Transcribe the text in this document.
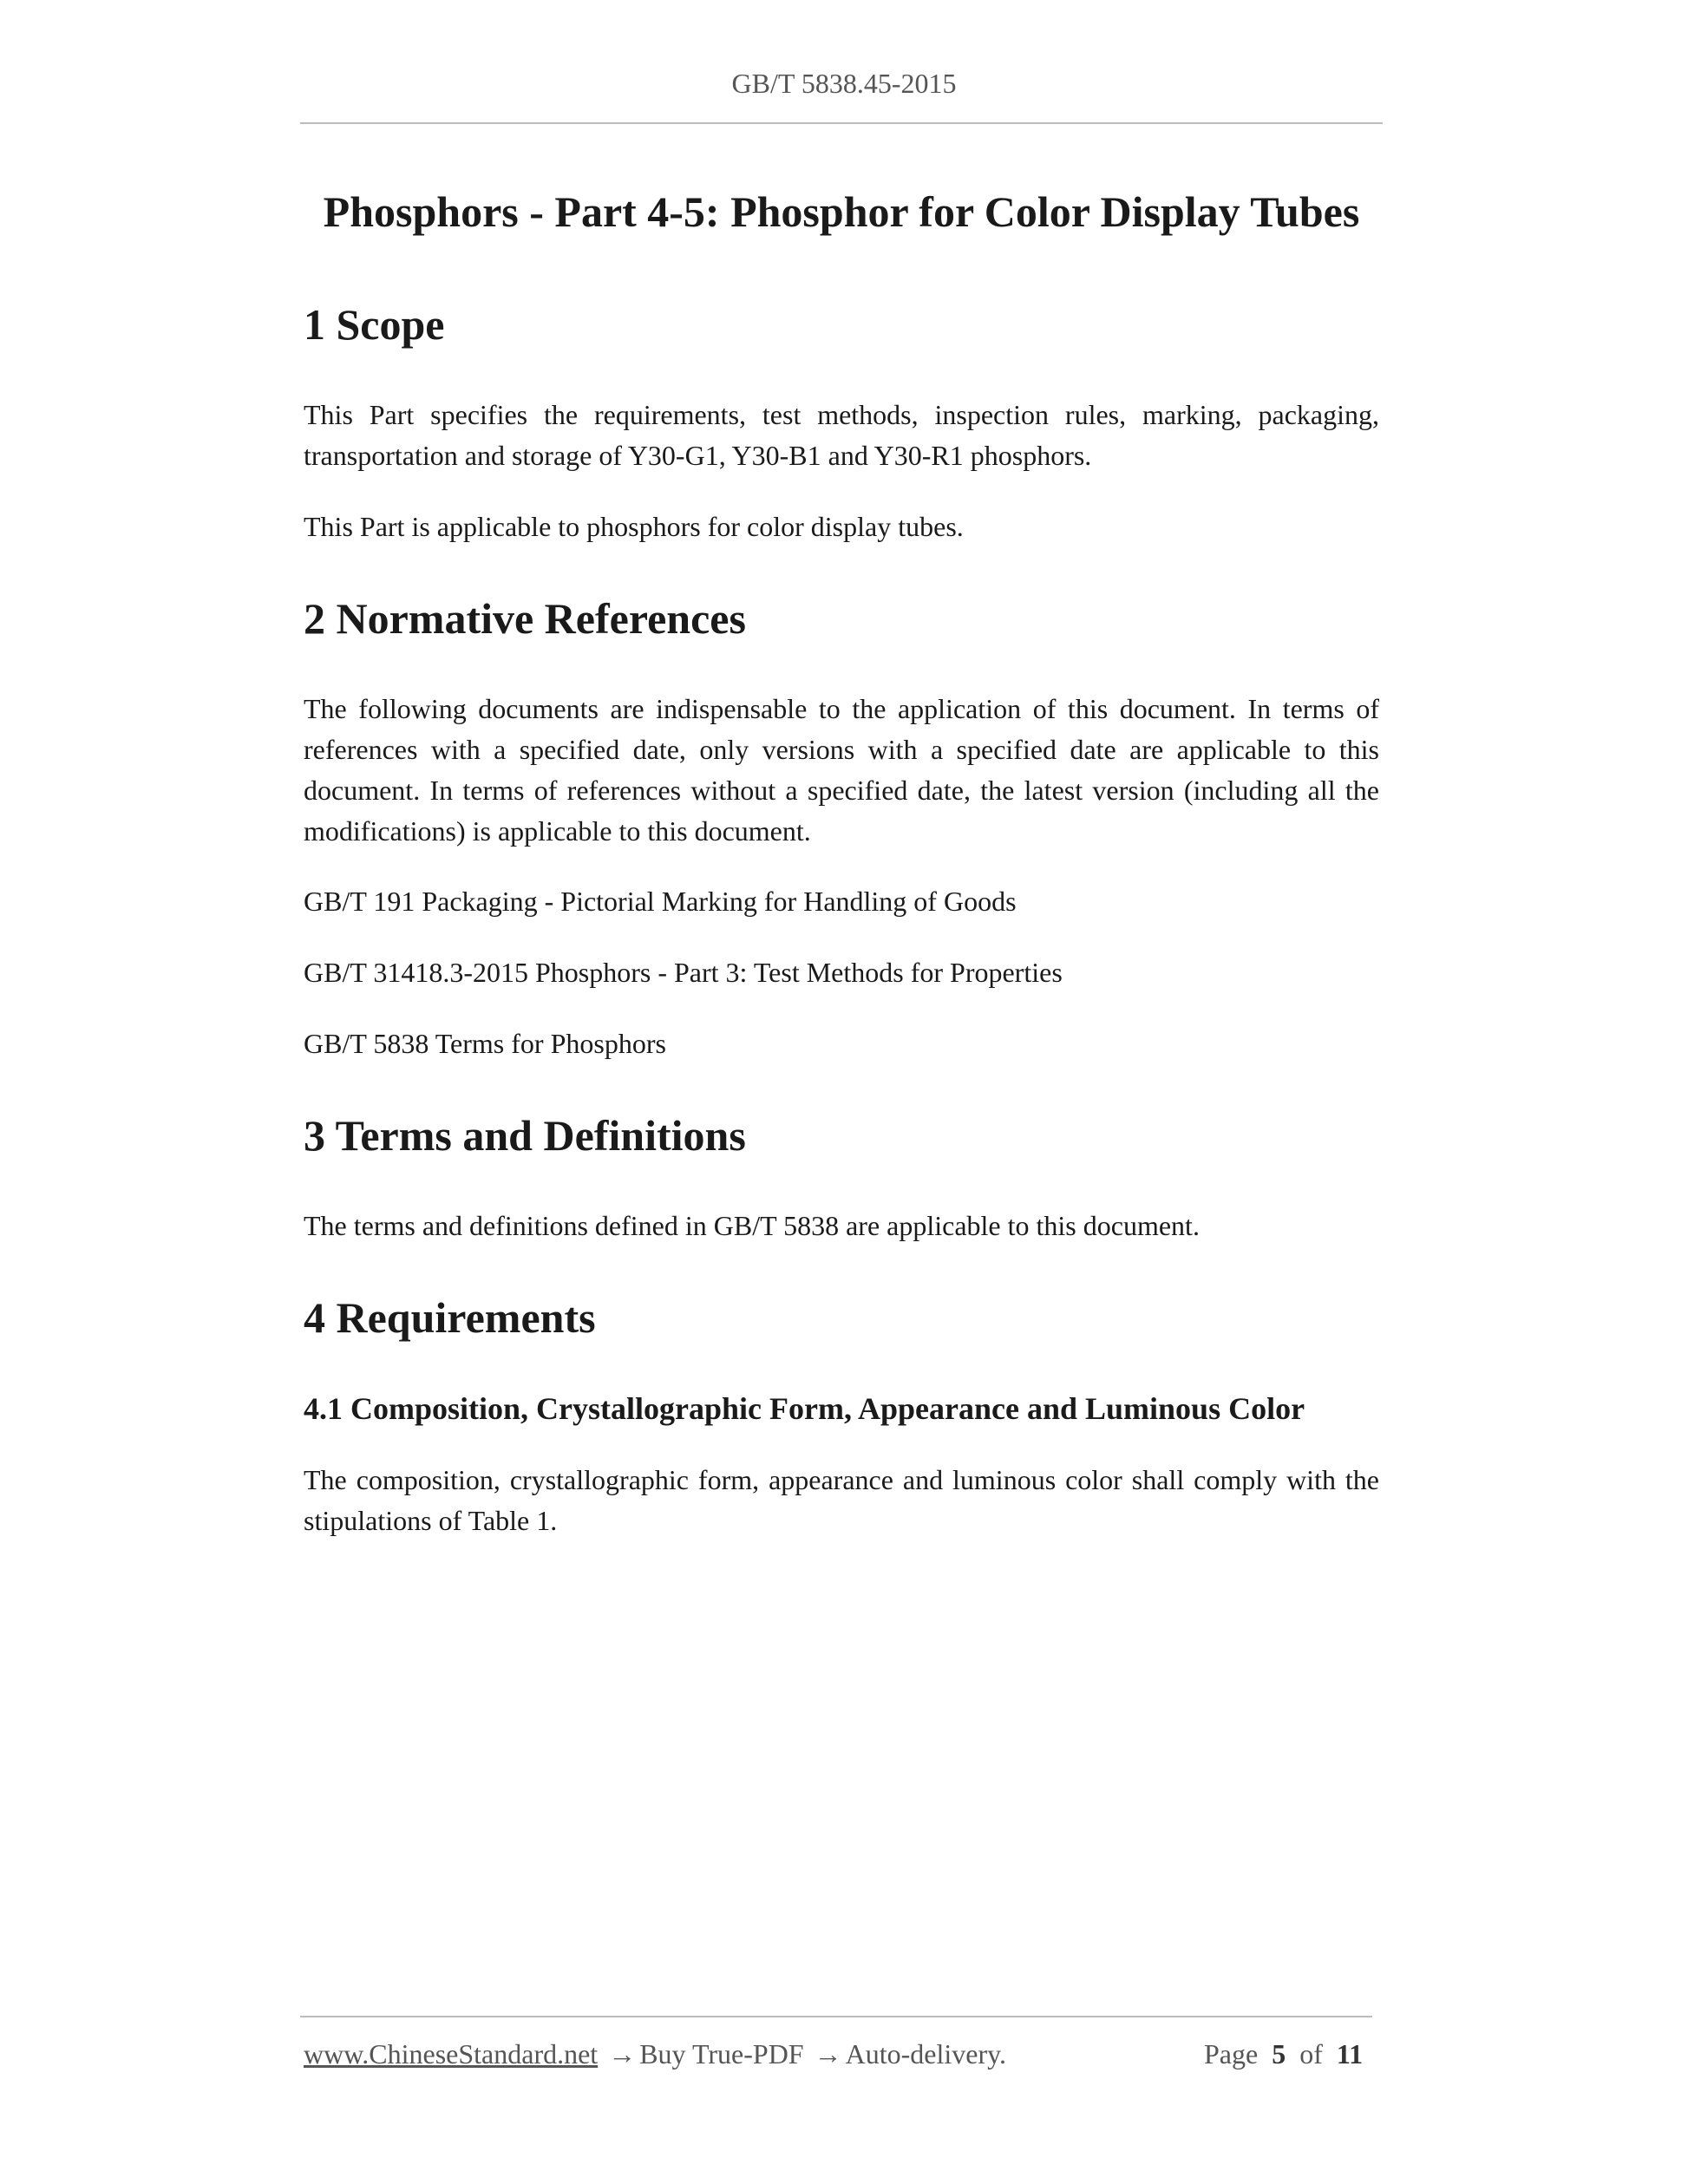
GB/T 5838.45-2015
Phosphors - Part 4-5: Phosphor for Color Display Tubes
1 Scope

This Part specifies the requirements, test methods, inspection rules, marking, packaging, transportation and storage of Y30-G1, Y30-B1 and Y30-R1 phosphors.

This Part is applicable to phosphors for color display tubes.

2 Normative References

The following documents are indispensable to the application of this document. In terms of references with a specified date, only versions with a specified date are applicable to this document. In terms of references without a specified date, the latest version (including all the modifications) is applicable to this document.

GB/T 191 Packaging - Pictorial Marking for Handling of Goods

GB/T 31418.3-2015 Phosphors - Part 3: Test Methods for Properties

GB/T 5838 Terms for Phosphors

3 Terms and Definitions

The terms and definitions defined in GB/T 5838 are applicable to this document.

4 Requirements
4.1 Composition, Crystallographic Form, Appearance and Luminous Color

The composition, crystallographic form, appearance and luminous color shall comply with the stipulations of Table 1.

www.ChineseStandard.net → Buy True-PDF → Auto-delivery.	Page 5 of 11
